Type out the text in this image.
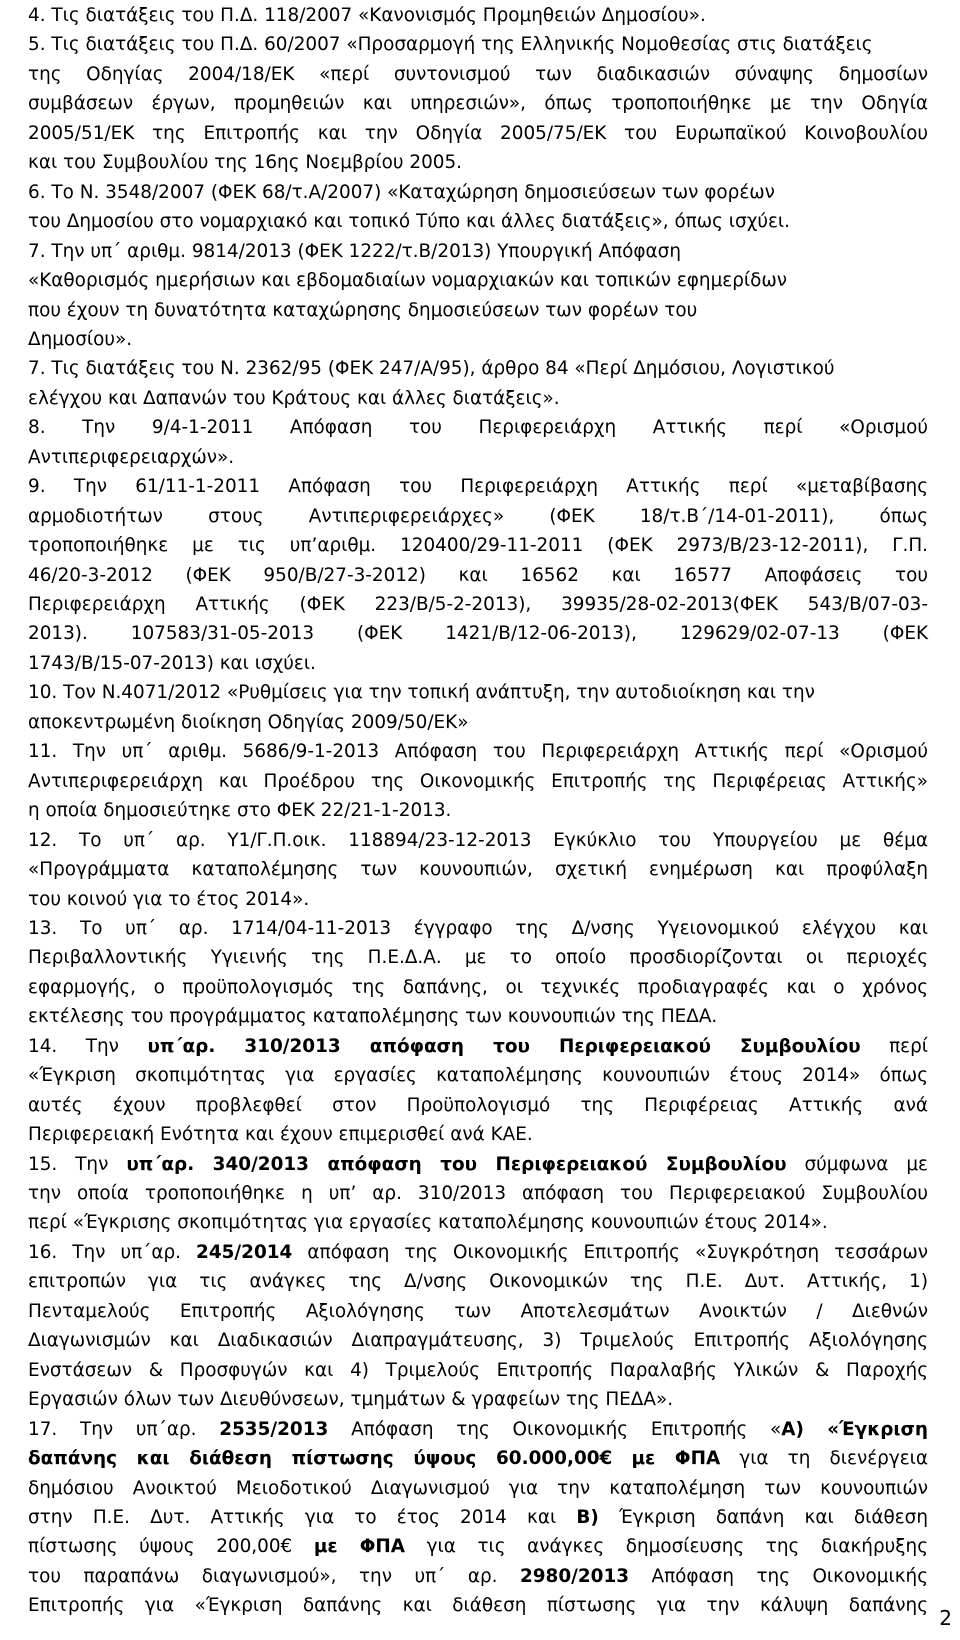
4. Τις διατάξεις του Π.Δ. 118/2007 «Κανονισμός Προμηθειών Δημοσίου».
5. Τις διατάξεις του Π.Δ. 60/2007 «Προσαρμογή της Ελληνικής Νομοθεσίας στις διατάξεις
της Οδηγίας 2004/18/ΕΚ «περί συντονισμού των διαδικασιών σύναψης δημοσίων
συμβάσεων έργων, προμηθειών και υπηρεσιών», όπως τροποποιήθηκε με την Οδηγία
2005/51/ΕΚ της Επιτροπής και την Οδηγία 2005/75/ΕΚ του Ευρωπαϊκού Κοινοβουλίου
και του Συμβουλίου της 16ης Νοεμβρίου 2005.
6. Το Ν. 3548/2007 (ΦΕΚ 68/τ.Α/2007) «Καταχώρηση δημοσιεύσεων των φορέων
του Δημοσίου στο νομαρχιακό και τοπικό Τύπο και άλλες διατάξεις», όπως ισχύει.
7. Την υπ΄ αριθμ. 9814/2013 (ΦΕΚ 1222/τ.Β/2013) Υπουργική Απόφαση
«Καθορισμός ημερήσιων και εβδομαδιαίων νομαρχιακών και τοπικών εφημερίδων
που έχουν τη δυνατότητα καταχώρησης δημοσιεύσεων των φορέων του
Δημοσίου».
7. Τις διατάξεις του Ν. 2362/95 (ΦΕΚ 247/Α/95), άρθρο 84 «Περί Δημόσιου, Λογιστικού
ελέγχου και Δαπανών του Κράτους και άλλες διατάξεις».
8. Την 9/4-1-2011 Απόφαση του Περιφερειάρχη Αττικής περί «Ορισμού
Αντιπεριφερειαρχών».
9. Την 61/11-1-2011 Απόφαση του Περιφερειάρχη Αττικής περί «μεταβίβασης
αρμοδιοτήτων στους Αντιπεριφερειάρχες» (ΦΕΚ 18/τ.Β΄/14-01-2011), όπως
τροποποιήθηκε με τις υπ’αριθμ. 120400/29-11-2011 (ΦΕΚ 2973/Β/23-12-2011), Γ.Π.
46/20-3-2012 (ΦΕΚ 950/Β/27-3-2012) και 16562 και 16577 Αποφάσεις του
Περιφερειάρχη Αττικής (ΦΕΚ 223/Β/5-2-2013), 39935/28-02-2013(ΦΕΚ 543/Β/07-03-
2013). 107583/31-05-2013 (ΦΕΚ 1421/Β/12-06-2013), 129629/02-07-13 (ΦΕΚ
1743/Β/15-07-2013) και ισχύει.
10. Τον Ν.4071/2012 «Ρυθμίσεις για την τοπική ανάπτυξη, την αυτοδιοίκηση και την
αποκεντρωμένη διοίκηση Οδηγίας 2009/50/ΕΚ»
11. Την υπ΄ αριθμ. 5686/9-1-2013 Απόφαση του Περιφερειάρχη Αττικής περί «Ορισμού
Αντιπεριφερειάρχη και Προέδρου της Οικονομικής Επιτροπής της Περιφέρειας Αττικής»
η οποία δημοσιεύτηκε στο ΦΕΚ 22/21-1-2013.
12. Το υπ΄ αρ. Υ1/Γ.Π.οικ. 118894/23-12-2013 Εγκύκλιο του Υπουργείου με θέμα
«Προγράμματα καταπολέμησης των κουνουπιών, σχετική ενημέρωση και προφύλαξη
του κοινού για το έτος 2014».
13. Το υπ΄ αρ. 1714/04-11-2013 έγγραφο της Δ/νσης Υγειονομικού ελέγχου και
Περιβαλλοντικής Υγιεινής της Π.Ε.Δ.Α. με το οποίο προσδιορίζονται οι περιοχές
εφαρμογής, ο προϋπολογισμός της δαπάνης, οι τεχνικές προδιαγραφές και ο χρόνος
εκτέλεσης του προγράμματος καταπολέμησης των κουνουπιών της ΠΕΔΑ.
14. Την υπ΄αρ. 310/2013 απόφαση του Περιφερειακού Συμβουλίου περί
«Έγκριση σκοπιμότητας για εργασίες καταπολέμησης κουνουπιών έτους 2014» όπως
αυτές έχουν προβλεφθεί στον Προϋπολογισμό της Περιφέρειας Αττικής ανά
Περιφερειακή Ενότητα και έχουν επιμερισθεί ανά ΚΑΕ.
15. Την υπ΄αρ. 340/2013 απόφαση του Περιφερειακού Συμβουλίου σύμφωνα με
την οποία τροποποιήθηκε η υπ’ αρ. 310/2013 απόφαση του Περιφερειακού Συμβουλίου
περί «Έγκρισης σκοπιμότητας για εργασίες καταπολέμησης κουνουπιών έτους 2014».
16. Την υπ΄αρ. 245/2014 απόφαση της Οικονομικής Επιτροπής «Συγκρότηση τεσσάρων
επιτροπών για τις ανάγκες της Δ/νσης Οικονομικών της Π.Ε. Δυτ. Αττικής, 1)
Πενταμελούς Επιτροπής Αξιολόγησης των Αποτελεσμάτων Ανοικτών / Διεθνών
Διαγωνισμών και Διαδικασιών Διαπραγμάτευσης, 3) Τριμελούς Επιτροπής Αξιολόγησης
Ενστάσεων & Προσφυγών και 4) Τριμελούς Επιτροπής Παραλαβής Υλικών & Παροχής
Εργασιών όλων των Διευθύνσεων, τμημάτων & γραφείων της ΠΕΔΑ».
17. Την υπ΄αρ. 2535/2013 Απόφαση της Οικονομικής Επιτροπής «Α) «Έγκριση
δαπάνης και διάθεση πίστωσης ύψους 60.000,00€ με ΦΠΑ για τη διενέργεια
δημόσιου Ανοικτού Μειοδοτικού Διαγωνισμού για την καταπολέμηση των κουνουπιών
στην Π.Ε. Δυτ. Αττικής για το έτος 2014 και Β) Έγκριση δαπάνη και διάθεση
πίστωσης ύψους 200,00€ με ΦΠΑ για τις ανάγκες δημοσίευσης της διακήρυξης
του παραπάνω διαγωνισμού», την υπ΄ αρ. 2980/2013 Απόφαση της Οικονομικής
Επιτροπής για «Έγκριση δαπάνης και διάθεση πίστωσης για την κάλυψη δαπάνης
2
